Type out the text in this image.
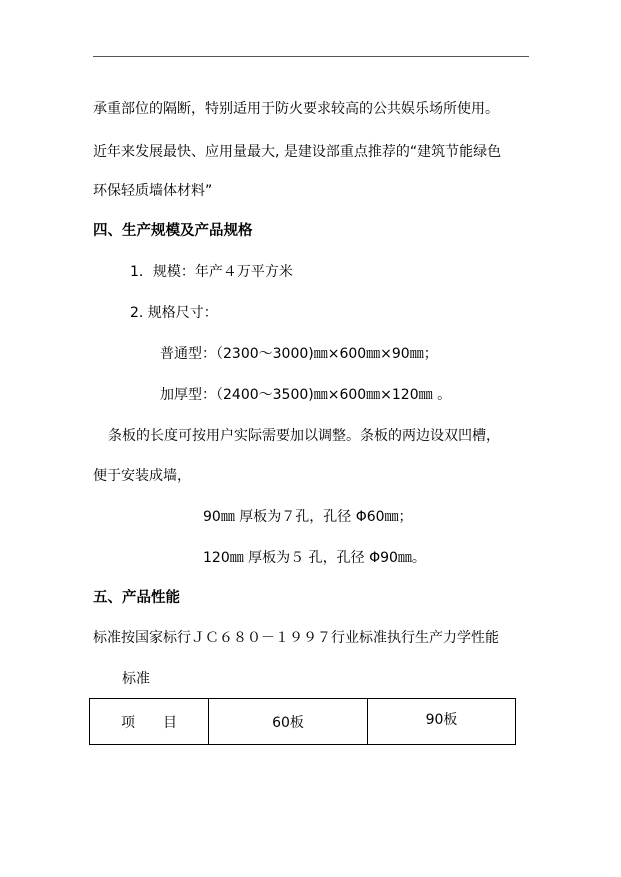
承重部位的隔断，特别适用于防火要求较高的公共娱乐场所使用。
近年来发展最快、应用量最大, 是建设部重点推荐的“建筑节能绿色
环保轻质墙体材料”
四、生产规模及产品规格
1．规模：年产４万平方米
2. 规格尺寸：
普通型：（2300～3000)㎜×600㎜×90㎜；
加厚型：（2400～3500)㎜×600㎜×120㎜ 。
条板的长度可按用户实际需要加以调整。条板的两边设双凹槽，
便于安装成墙，
90㎜ 厚板为７孔，孔径 Φ60㎜；
120㎜ 厚板为５ 孔，孔径 Φ90㎜。
五、产品性能
标准按国家标行ＪＣ６８０－１９９７行业标准执行生产力学性能
标准
项　　目	60板	90板
